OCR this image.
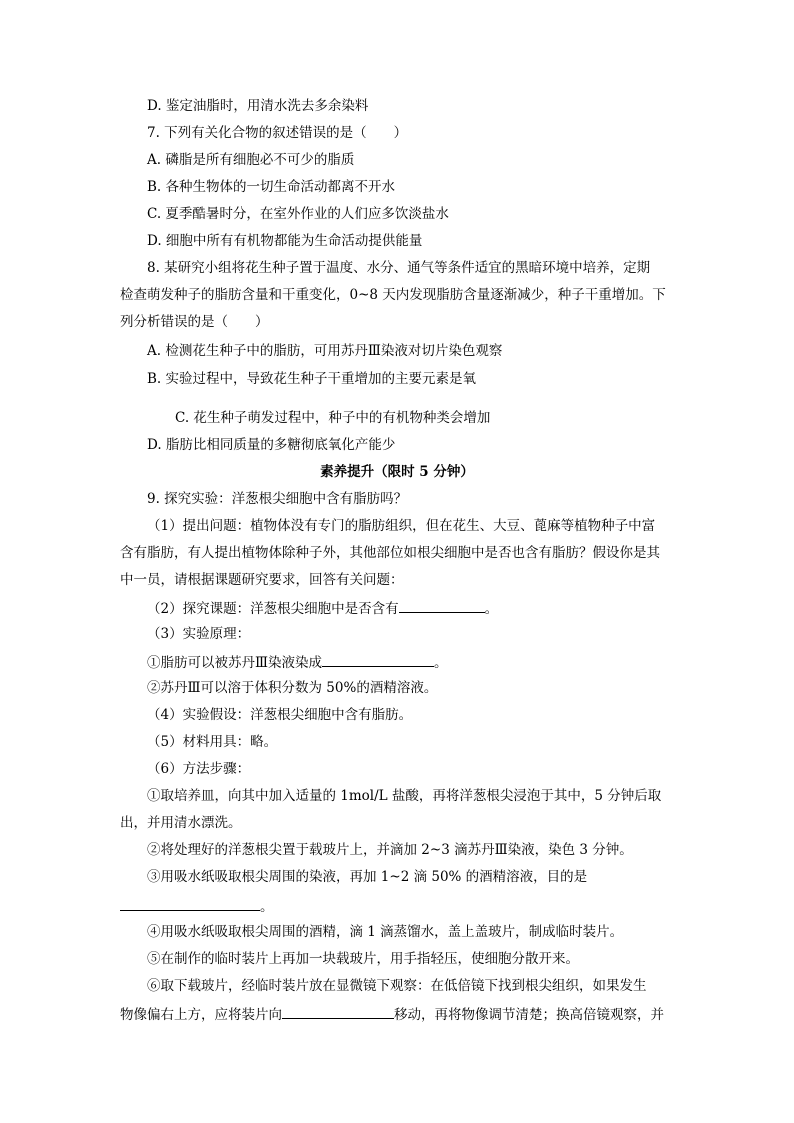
D. 鉴定油脂时，用清水洗去多余染料
7. 下列有关化合物的叙述错误的是（　　）
A. 磷脂是所有细胞必不可少的脂质
B. 各种生物体的一切生命活动都离不开水
C. 夏季酷暑时分，在室外作业的人们应多饮淡盐水
D. 细胞中所有有机物都能为生命活动提供能量
8. 某研究小组将花生种子置于温度、水分、通气等条件适宜的黑暗环境中培养，定期
检查萌发种子的脂肪含量和干重变化，0~8 天内发现脂肪含量逐渐减少，种子干重增加。下
列分析错误的是（　　）
A. 检测花生种子中的脂肪，可用苏丹Ⅲ染液对切片染色观察
B. 实验过程中，导致花生种子干重增加的主要元素是氧
C. 花生种子萌发过程中，种子中的有机物种类会增加
D. 脂肪比相同质量的多糖彻底氧化产能少
素养提升（限时 5 分钟）
9. 探究实验：洋葱根尖细胞中含有脂肪吗？
（1）提出问题：植物体没有专门的脂肪组织，但在花生、大豆、蓖麻等植物种子中富
含有脂肪，有人提出植物体除种子外，其他部位如根尖细胞中是否也含有脂肪？假设你是其
中一员，请根据课题研究要求，回答有关问题：
（2）探究课题：洋葱根尖细胞中是否含有	。
（3）实验原理：
①脂肪可以被苏丹Ⅲ染液染成	。
②苏丹Ⅲ可以溶于体积分数为 50%的酒精溶液。
（4）实验假设：洋葱根尖细胞中含有脂肪。
（5）材料用具：略。
（6）方法步骤：
①取培养皿，向其中加入适量的 1mol/L 盐酸，再将洋葱根尖浸泡于其中，5 分钟后取
出，并用清水漂洗。
②将处理好的洋葱根尖置于载玻片上，并滴加 2~3 滴苏丹Ⅲ染液，染色 3 分钟。
③用吸水纸吸取根尖周围的染液，再加 1~2 滴 50% 的酒精溶液，目的是
。
④用吸水纸吸取根尖周围的酒精，滴 1 滴蒸馏水，盖上盖玻片，制成临时装片。
⑤在制作的临时装片上再加一块载玻片，用手指轻压，使细胞分散开来。
⑥取下载玻片，经临时装片放在显微镜下观察：在低倍镜下找到根尖组织，如果发生
物像偏右上方，应将装片向	移动，再将物像调节清楚；换高倍镜观察，并
